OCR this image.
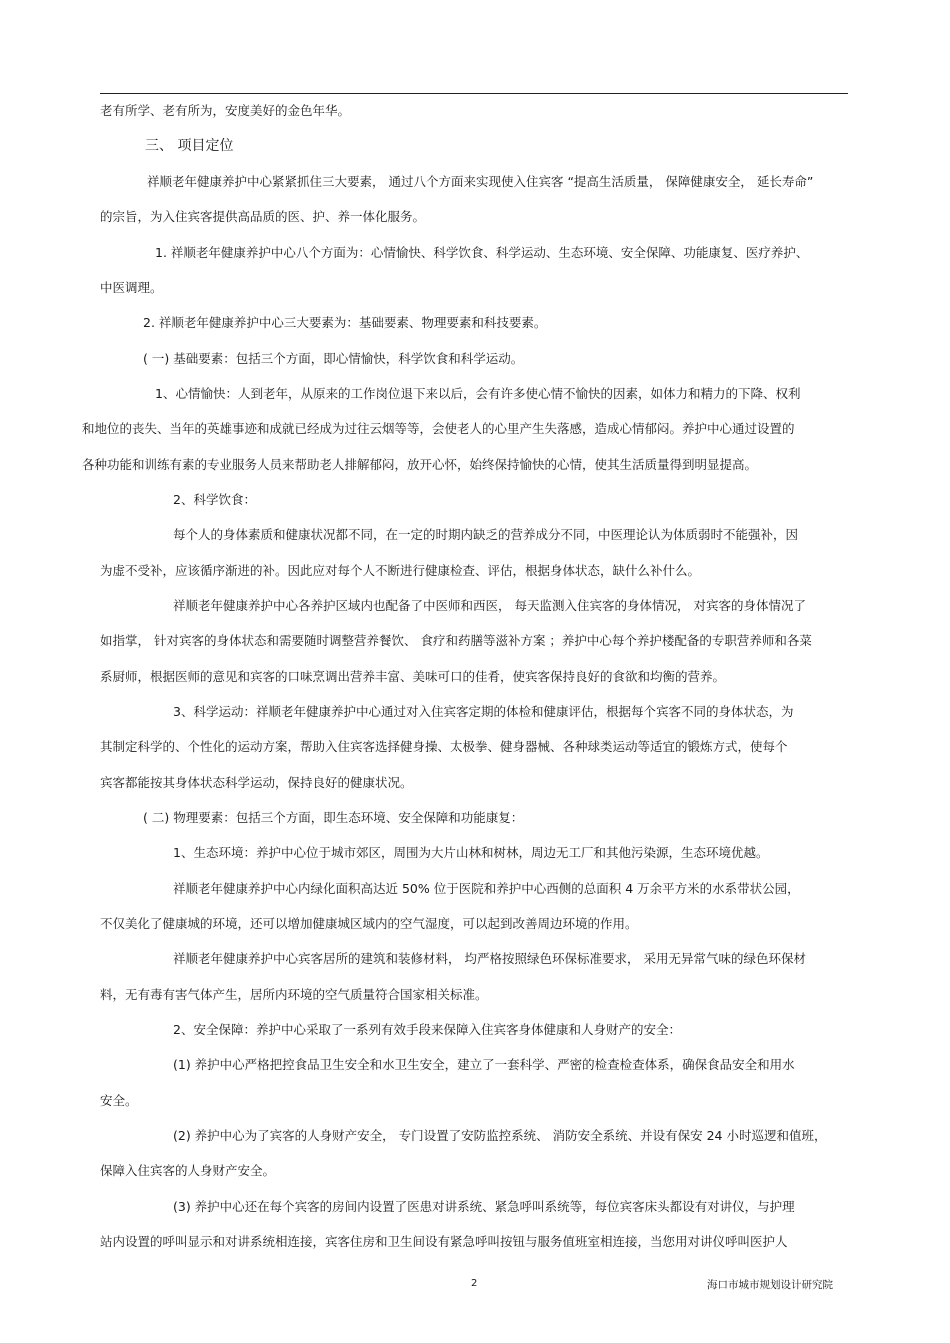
老有所学、老有所为，安度美好的金色年华。
三、 项目定位
祥顺老年健康养护中心紧紧抓住三大要素， 通过八个方面来实现使入住宾客 “提高生活质量， 保障健康安全， 延长寿命”
的宗旨，为入住宾客提供高品质的医、护、养一体化服务。
1. 祥顺老年健康养护中心八个方面为：心情愉快、科学饮食、科学运动、生态环境、安全保障、功能康复、医疗养护、
中医调理。
2. 祥顺老年健康养护中心三大要素为：基础要素、物理要素和科技要素。
( 一) 基础要素：包括三个方面，即心情愉快，科学饮食和科学运动。
1、心情愉快：人到老年，从原来的工作岗位退下来以后，会有许多使心情不愉快的因素，如体力和精力的下降、权利
和地位的丧失、当年的英雄事迹和成就已经成为过往云烟等等，会使老人的心里产生失落感，造成心情郁闷。养护中心通过设置的
各种功能和训练有素的专业服务人员来帮助老人排解郁闷，放开心怀，始终保持愉快的心情，使其生活质量得到明显提高。
2、科学饮食：
每个人的身体素质和健康状况都不同，在一定的时期内缺乏的营养成分不同，中医理论认为体质弱时不能强补，因
为虚不受补，应该循序渐进的补。因此应对每个人不断进行健康检查、评估，根据身体状态，缺什么补什么。
祥顺老年健康养护中心各养护区域内也配备了中医师和西医， 每天监测入住宾客的身体情况， 对宾客的身体情况了
如指掌， 针对宾客的身体状态和需要随时调整营养餐饮、 食疗和药膳等滋补方案 ；养护中心每个养护楼配备的专职营养师和各菜
系厨师，根据医师的意见和宾客的口味烹调出营养丰富、美味可口的佳肴，使宾客保持良好的食欲和均衡的营养。
3、科学运动：祥顺老年健康养护中心通过对入住宾客定期的体检和健康评估，根据每个宾客不同的身体状态，为
其制定科学的、个性化的运动方案，帮助入住宾客选择健身操、太极拳、健身器械、各种球类运动等适宜的锻炼方式，使每个
宾客都能按其身体状态科学运动，保持良好的健康状况。
( 二) 物理要素：包括三个方面，即生态环境、安全保障和功能康复：
1、生态环境：养护中心位于城市郊区，周围为大片山林和树林，周边无工厂和其他污染源，生态环境优越。
祥顺老年健康养护中心内绿化面积高达近 50% 位于医院和养护中心西侧的总面积 4 万余平方米的水系带状公园，
不仅美化了健康城的环境，还可以增加健康城区域内的空气湿度，可以起到改善周边环境的作用。
祥顺老年健康养护中心宾客居所的建筑和装修材料， 均严格按照绿色环保标准要求， 采用无异常气味的绿色环保材
料，无有毒有害气体产生，居所内环境的空气质量符合国家相关标准。
2、安全保障：养护中心采取了一系列有效手段来保障入住宾客身体健康和人身财产的安全：
(1) 养护中心严格把控食品卫生安全和水卫生安全，建立了一套科学、严密的检查检查体系，确保食品安全和用水
安全。
(2) 养护中心为了宾客的人身财产安全， 专门设置了安防监控系统、 消防安全系统、并设有保安 24 小时巡逻和值班，
保障入住宾客的人身财产安全。
(3) 养护中心还在每个宾客的房间内设置了医患对讲系统、紧急呼叫系统等，每位宾客床头都设有对讲仪，与护理
站内设置的呼叫显示和对讲系统相连接，宾客住房和卫生间设有紧急呼叫按钮与服务值班室相连接，当您用对讲仪呼叫医护人
2	海口市城市规划设计研究院
